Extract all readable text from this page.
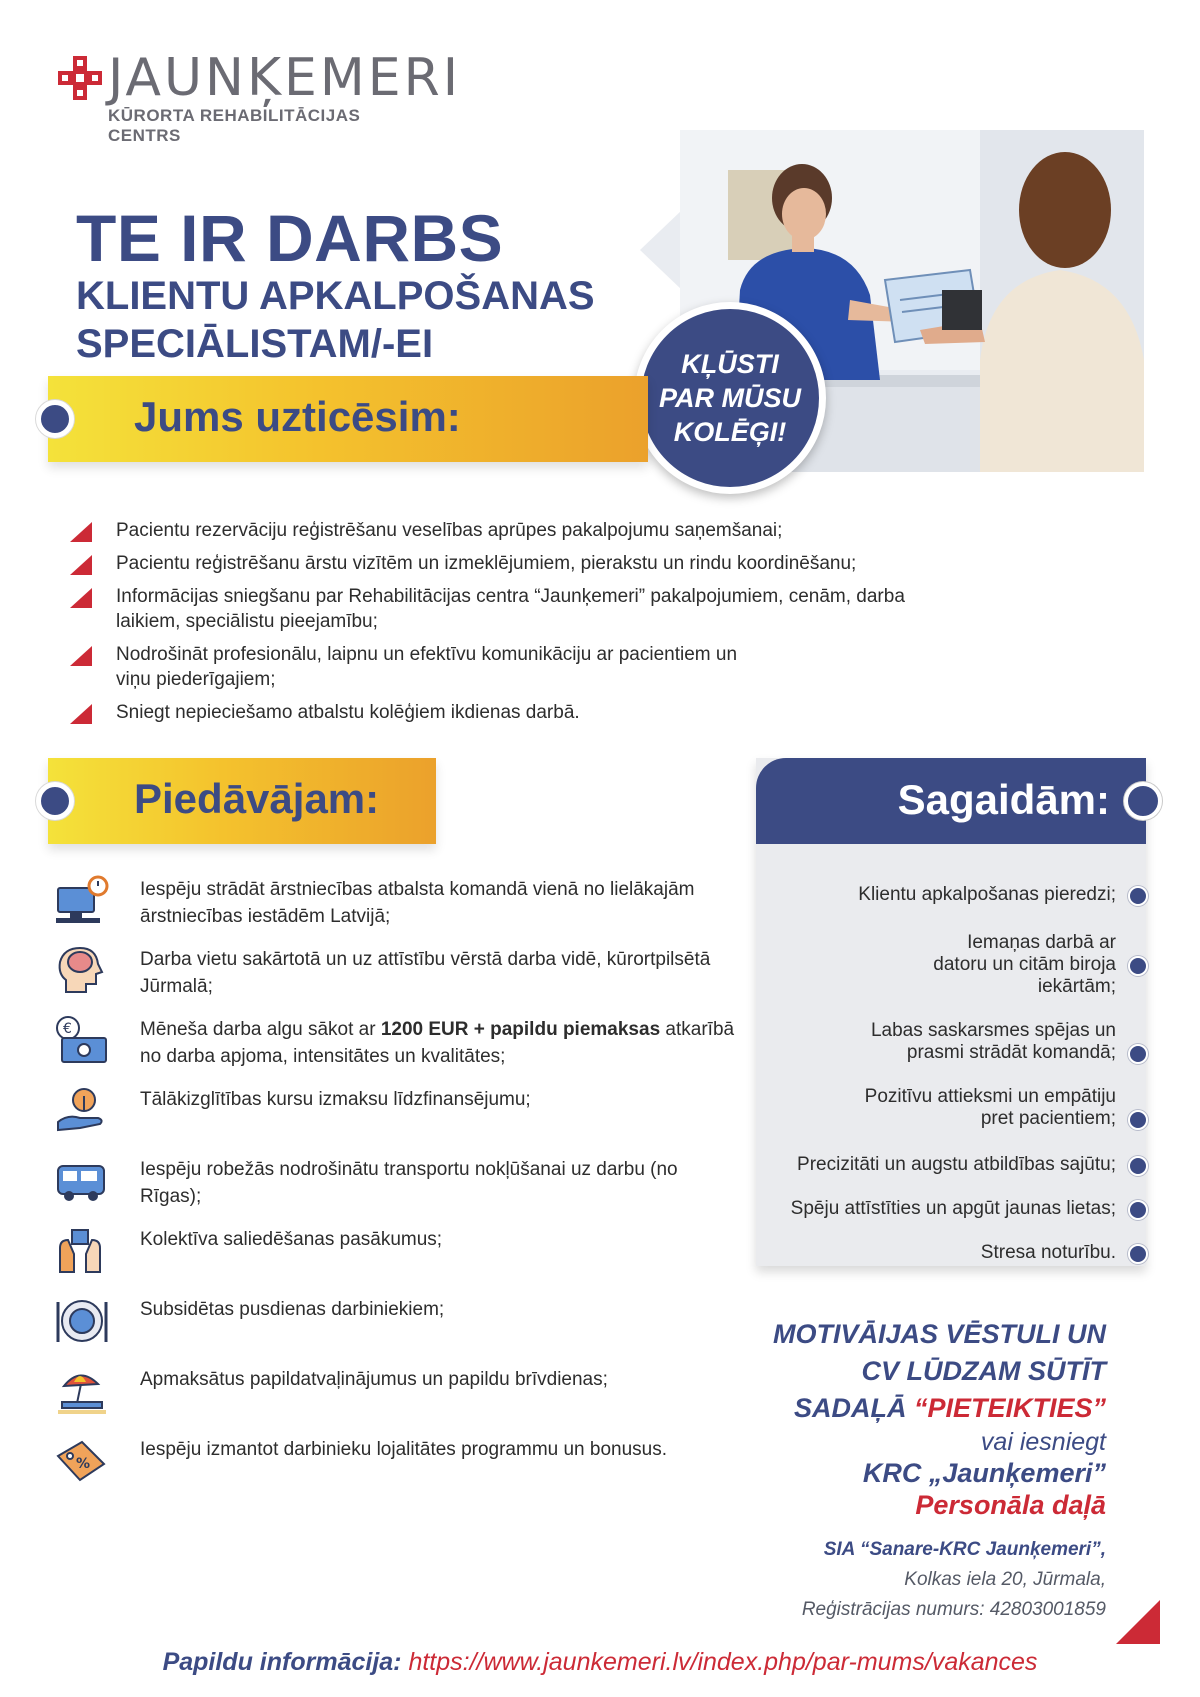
JAUNĶEMERI
KŪRORTA REHABILITĀCIJAS CENTRS
TE IR DARBS
KLIENTU APKALPOŠANAS SPECIĀLISTAM/-EI	KĻŪSTI
PAR MŪSU
KOLĒĢI!
Jums uzticēsim:
Pacientu rezervāciju reģistrēšanu veselības aprūpes pakalpojumu saņemšanai;
Pacientu reģistrēšanu ārstu vizītēm un izmeklējumiem, pierakstu un rindu koordinēšanu;
Informācijas sniegšanu par Rehabilitācijas centra “Jaunķemeri” pakalpojumiem, cenām, darba laikiem, speciālistu pieejamību;
Nodrošināt profesionālu, laipnu un efektīvu komunikāciju ar pacientiem un viņu piederīgajiem;
Sniegt nepieciešamo atbalstu kolēģiem ikdienas darbā.
Piedāvājam:
Iespēju strādāt ārstniecības atbalsta komandā vienā no lielākajām ārstniecības iestādēm Latvijā;
Darba vietu sakārtotā un uz attīstību vērstā darba vidē, kūrortpilsētā Jūrmalā;
€	Mēneša darba algu sākot ar 1200 EUR + papildu piemaksas atkarībā no darba apjoma, intensitātes un kvalitātes;
Tālākizglītības kursu izmaksu līdzfinansējumu;
Iespēju robežās nodrošinātu transportu nokļūšanai uz darbu (no Rīgas);
Kolektīva saliedēšanas pasākumus;
Subsidētas pusdienas darbiniekiem;
Apmaksātus papildatvaļinājumus un papildu brīvdienas;
%
Iespēju izmantot darbinieku lojalitātes programmu un bonusus.
Sagaidām:
Klientu apkalpošanas pieredzi;
Iemaņas darbā ar datoru un citām biroja iekārtām;
Labas saskarsmes spējas un prasmi strādāt komandā;
Pozitīvu attieksmi un empātiju pret pacientiem;
Precizitāti un augstu atbildības sajūtu;
Spēju attīstīties un apgūt jaunas lietas;
Stresa noturību.
MOTIVĀIJAS VĒSTULI UN
CV LŪDZAM SŪTĪT
SADAĻĀ “PIETEIKTIES”
vai iesniegt
KRC „Jaunķemeri”
Personāla daļā
SIA “Sanare-KRC Jaunķemeri”,
Kolkas iela 20, Jūrmala,
Reģistrācijas numurs: 42803001859
Papildu informācija: https://www.jaunkemeri.lv/index.php/par-mums/vakances
